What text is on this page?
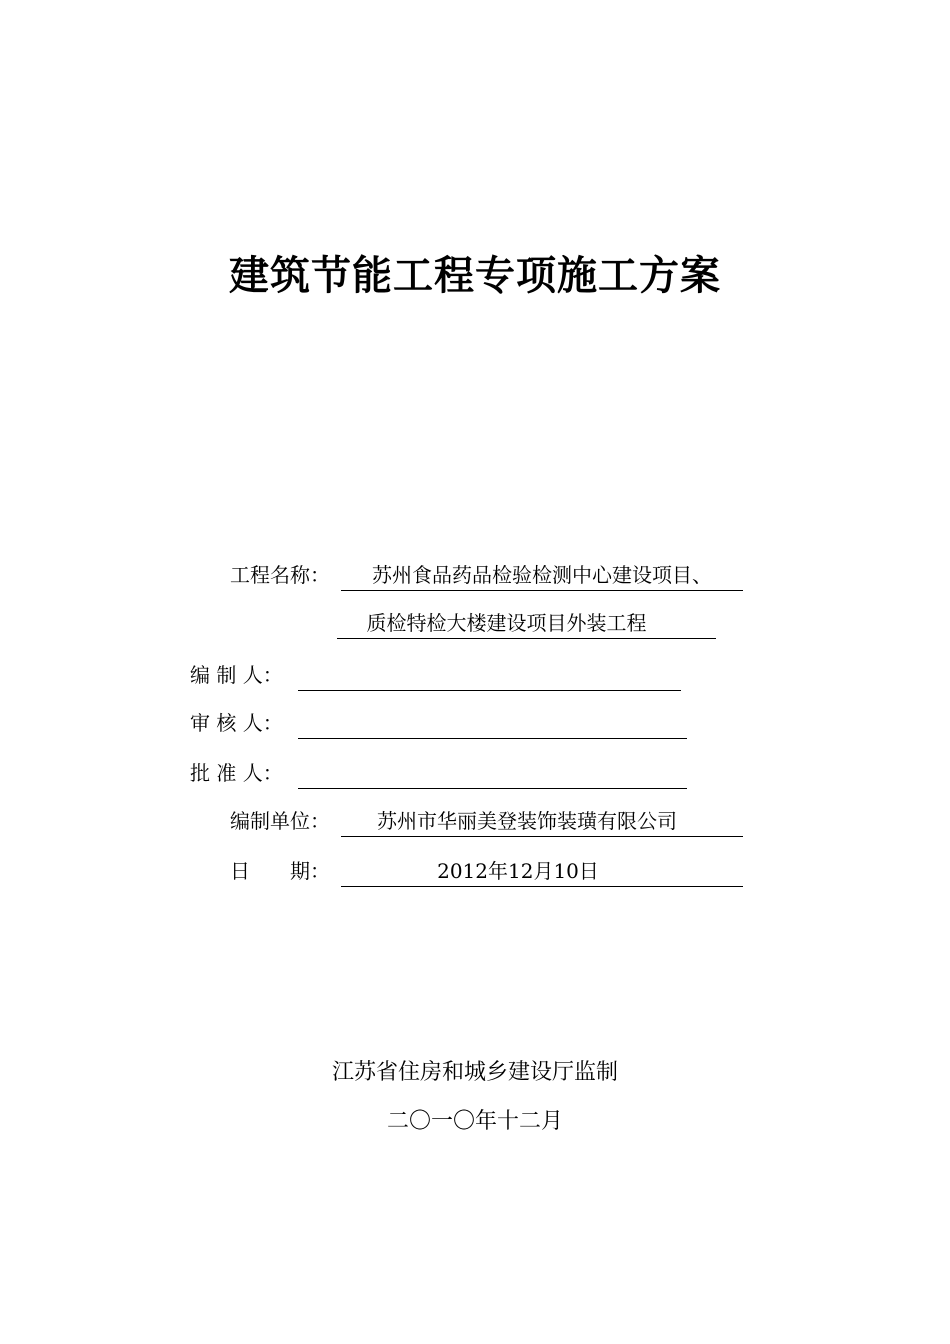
建筑节能工程专项施工方案
工程名称：	苏州食品药品检验检测中心建设项目、
质检特检大楼建设项目外装工程
编 制 人：
审 核 人：
批 准 人：
编制单位：	苏州市华丽美登装饰装璜有限公司
日　　期：	2012年12月10日
江苏省住房和城乡建设厅监制
二〇一〇年十二月
